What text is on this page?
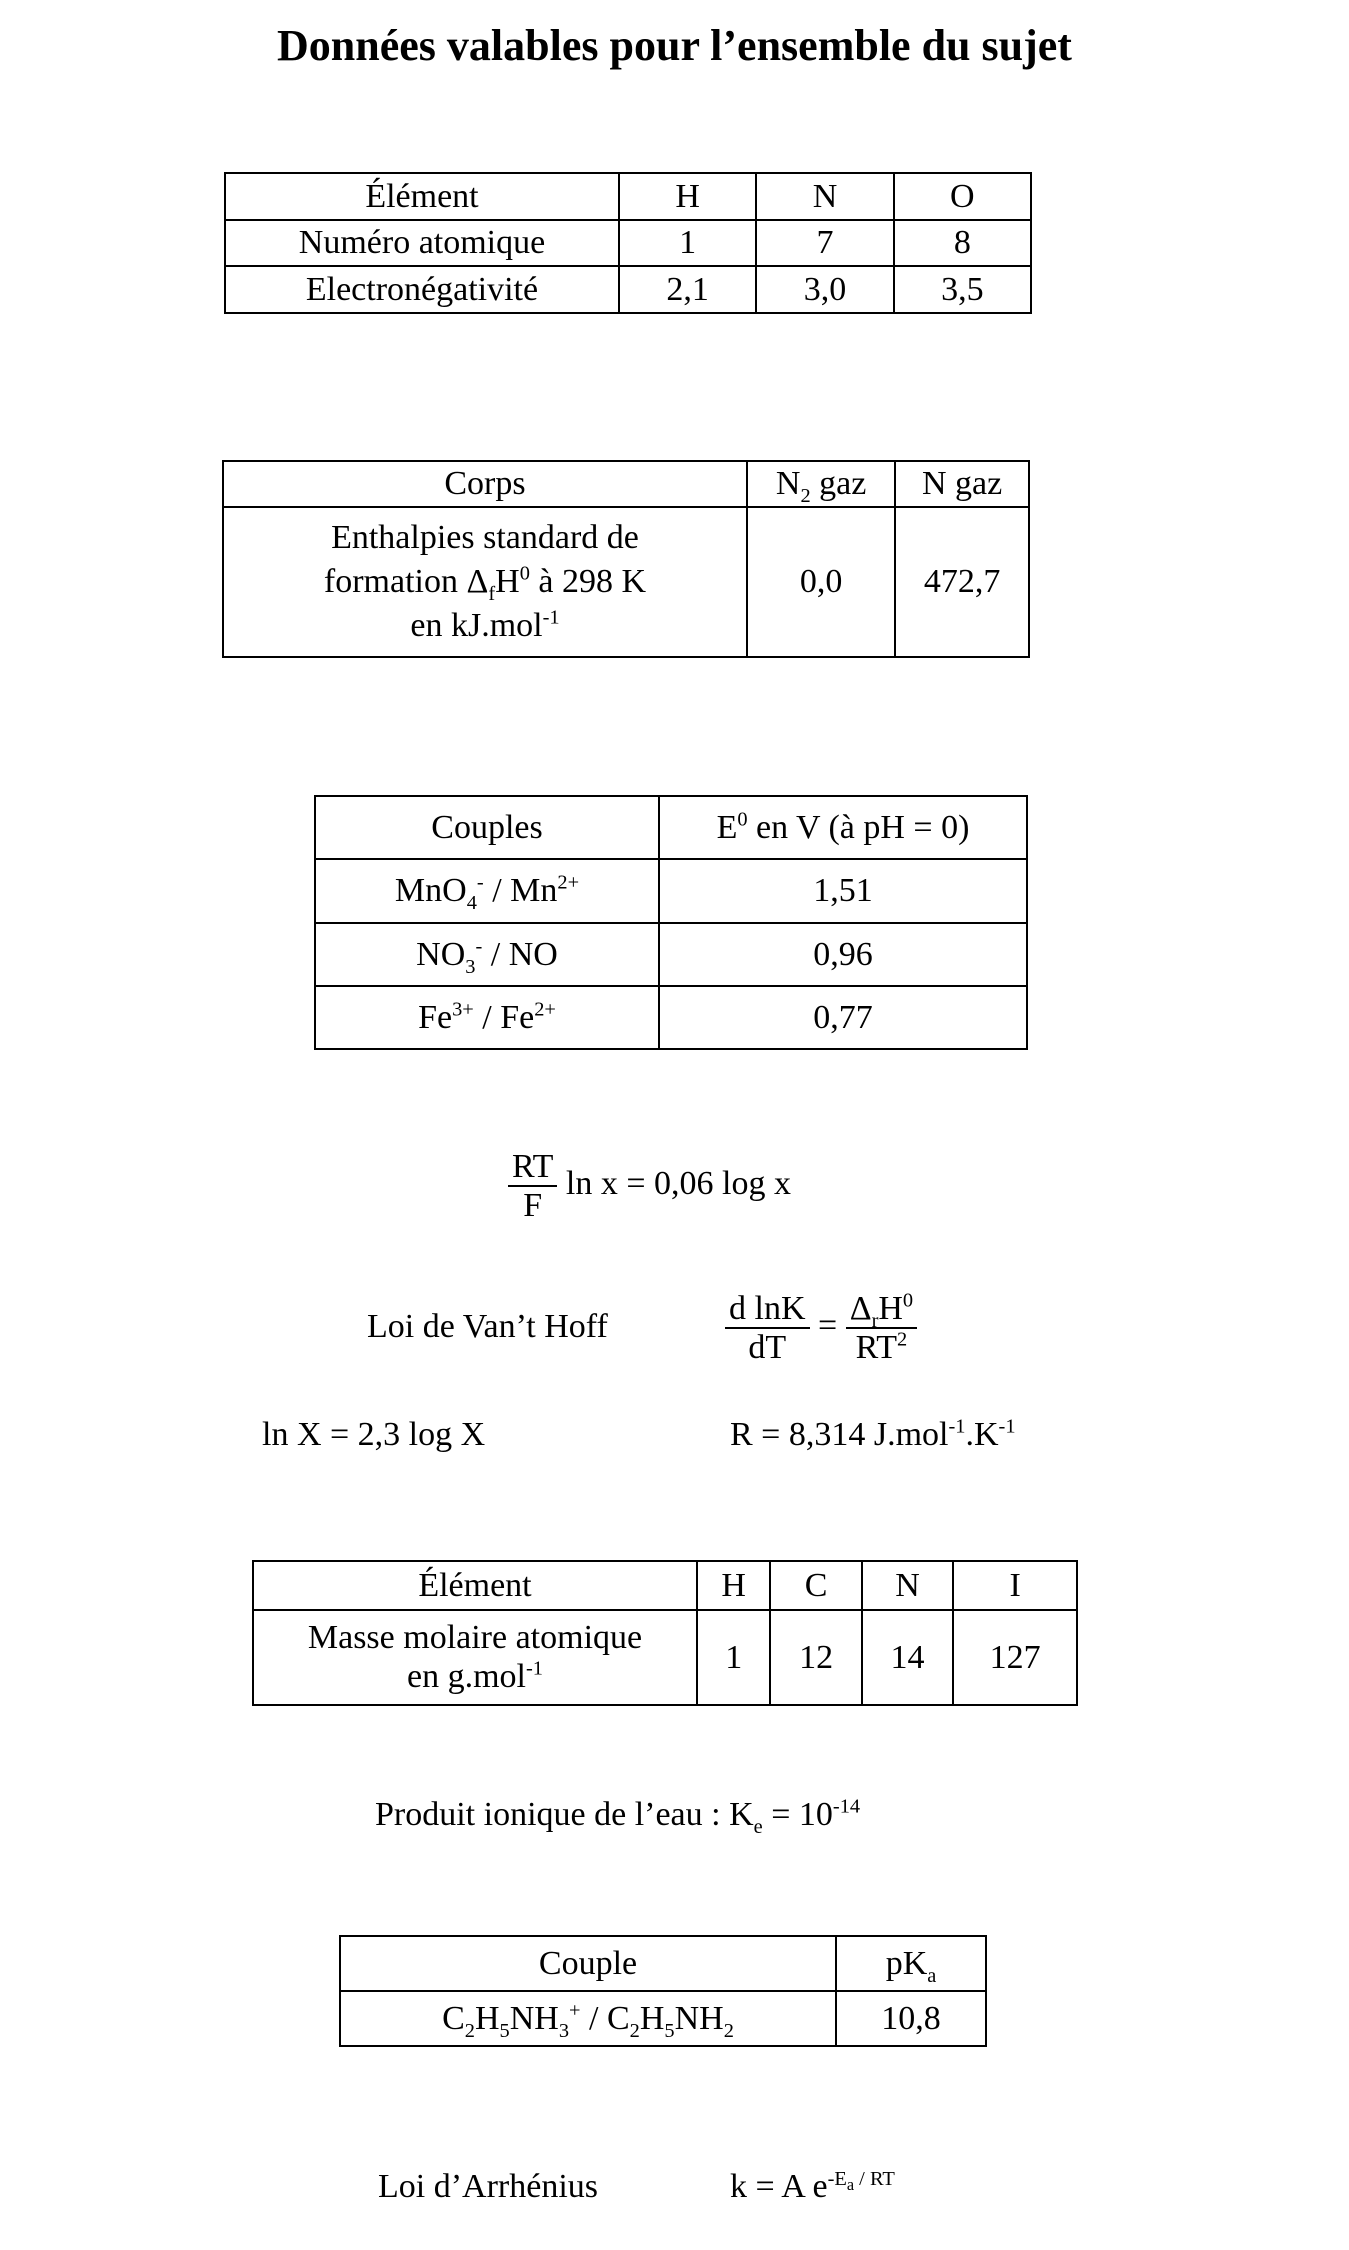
Données valables pour l’ensemble du sujet
Élément	H	N	O
Numéro atomique	1	7	8
Electronégativité	2,1	3,0	3,5
Corps	$N_2$ gaz	N gaz

Enthalpies standard de
formation $\Delta_fH^0$ à 298 K
en kJ.mol$^{-1}$	0,0	472,7
Couples	$E^0$ en V (à pH = 0)
$MnO_4^- / Mn^{2+}$	1,51
$NO_3^-$ / NO	0,96
$Fe^{3+} / Fe^{2+}$	0,77
$\frac{RT}{F}$ ln x = 0,06 log x
Loi de Van’t Hoff	$\frac{\text{d lnK}}{dT} = \frac{\Delta_rH^0}{RT^2}$
ln X = 2,3 log X	R = 8,314 $J.mol^{-1}.K^{-1}$
Élément	H	C	N	I

Masse molaire atomique
en g.mol$^{-1}$	1	12	14	127
Produit ionique de l’eau : $K_e = 10^{-14}$
Couple	$pK_a$
$C_2H_5NH_3^+ / C_2H_5NH_2$	10,8
Loi d’Arrhénius	k = A $e^{-E_a / RT}$
